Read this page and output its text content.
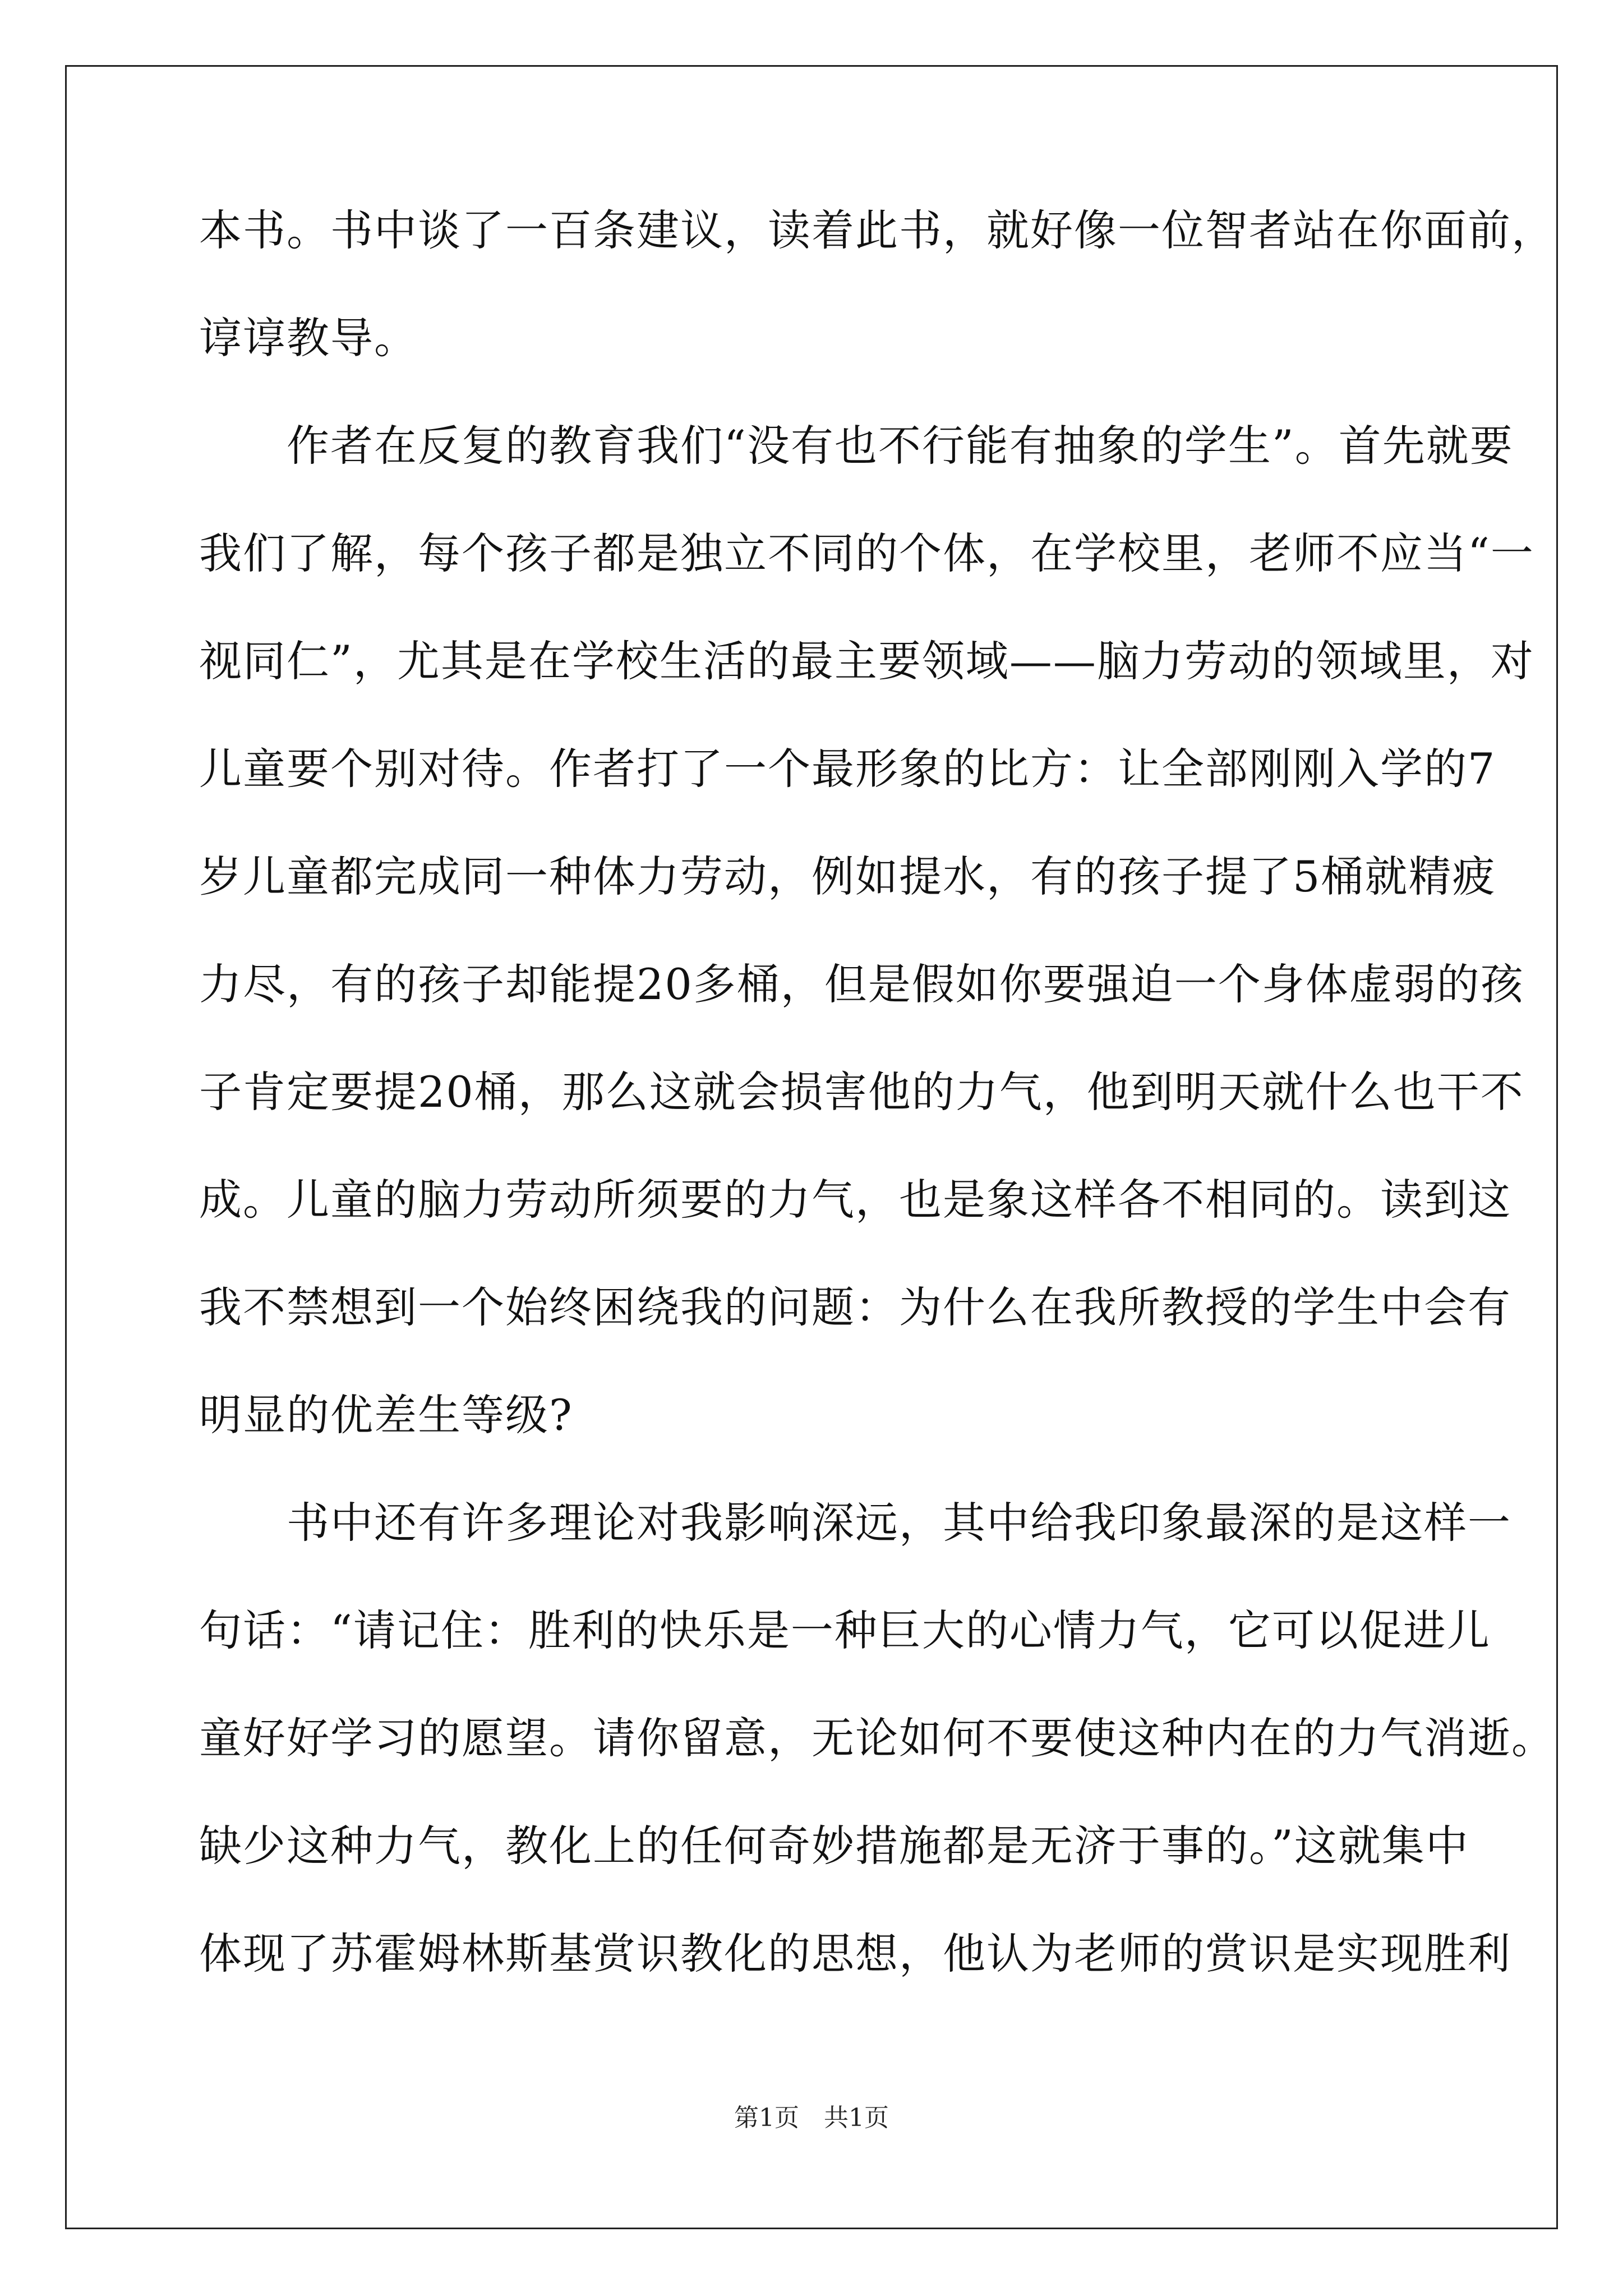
本书。书中谈了一百条建议，读着此书，就好像一位智者站在你面前，
谆谆教导。
　　作者在反复的教育我们“没有也不行能有抽象的学生”。首先就要
我们了解，每个孩子都是独立不同的个体，在学校里，老师不应当“一
视同仁”，尤其是在学校生活的最主要领域——脑力劳动的领域里，对
儿童要个别对待。作者打了一个最形象的比方：让全部刚刚入学的7
岁儿童都完成同一种体力劳动，例如提水，有的孩子提了5桶就精疲
力尽，有的孩子却能提20多桶，但是假如你要强迫一个身体虚弱的孩
子肯定要提20桶，那么这就会损害他的力气，他到明天就什么也干不
成。儿童的脑力劳动所须要的力气，也是象这样各不相同的。读到这
我不禁想到一个始终困绕我的问题：为什么在我所教授的学生中会有
明显的优差生等级?
　　书中还有许多理论对我影响深远，其中给我印象最深的是这样一
句话：“请记住：胜利的快乐是一种巨大的心情力气，它可以促进儿
童好好学习的愿望。请你留意，无论如何不要使这种内在的力气消逝。
缺少这种力气，教化上的任何奇妙措施都是无济于事的。”这就集中
体现了苏霍姆林斯基赏识教化的思想，他认为老师的赏识是实现胜利
第1页　共1页
